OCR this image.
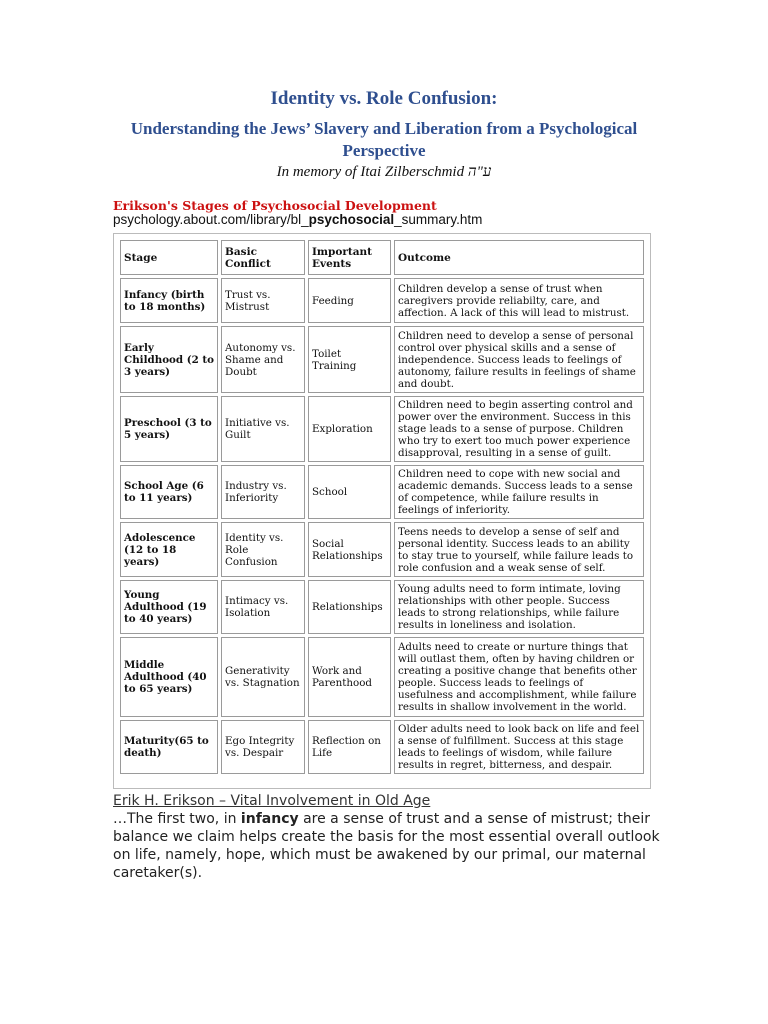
Identity vs. Role Confusion:
Understanding the Jews’ Slavery and Liberation from a Psychological Perspective
In memory of Itai Zilberschmid ע"ה
Erikson's Stages of Psychosocial Development
psychology.about.com/library/bl_psychosocial_summary.htm
Stage	Basic Conflict	Important Events	Outcome
Infancy (birth to 18 months)	Trust vs. Mistrust	Feeding	Children develop a sense of trust when caregivers provide reliabilty, care, and affection. A lack of this will lead to mistrust.
Early Childhood (2 to 3 years)	Autonomy vs. Shame and Doubt	Toilet Training	Children need to develop a sense of personal control over physical skills and a sense of independence. Success leads to feelings of autonomy, failure results in feelings of shame and doubt.
Preschool (3 to 5 years)	Initiative vs. Guilt	Exploration	Children need to begin asserting control and power over the environment. Success in this stage leads to a sense of purpose. Children who try to exert too much power experience disapproval, resulting in a sense of guilt.
School Age (6 to 11 years)	Industry vs. Inferiority	School	Children need to cope with new social and academic demands. Success leads to a sense of competence, while failure results in feelings of inferiority.
Adolescence (12 to 18 years)	Identity vs. Role Confusion	Social Relationships	Teens needs to develop a sense of self and personal identity. Success leads to an ability to stay true to yourself, while failure leads to role confusion and a weak sense of self.
Young Adulthood (19 to 40 years)	Intimacy vs. Isolation	Relationships	Young adults need to form intimate, loving relationships with other people. Success leads to strong relationships, while failure results in loneliness and isolation.
Middle Adulthood (40 to 65 years)	Generativity vs. Stagnation	Work and Parenthood	Adults need to create or nurture things that will outlast them, often by having children or creating a positive change that benefits other people. Success leads to feelings of usefulness and accomplishment, while failure results in shallow involvement in the world.
Maturity(65 to death)	Ego Integrity vs. Despair	Reflection on Life	Older adults need to look back on life and feel a sense of fulfillment. Success at this stage leads to feelings of wisdom, while failure results in regret, bitterness, and despair.
Erik H. Erikson – Vital Involvement in Old Age
…The first two, in infancy are a sense of trust and a sense of mistrust; their balance we claim helps create the basis for the most essential overall outlook on life, namely, hope, which must be awakened by our primal, our maternal caretaker(s).
